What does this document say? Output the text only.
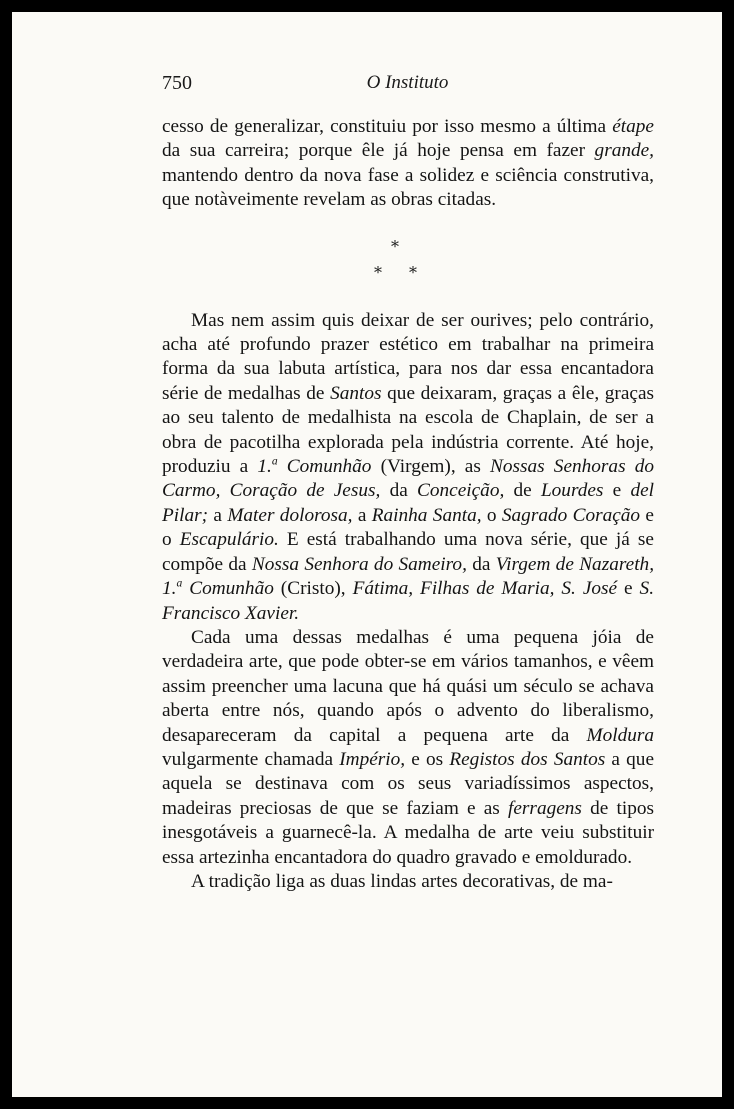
750	O Instituto

cesso de generalizar, constituiu por isso mesmo a última étape da sua carreira; porque êle já hoje pensa em fazer grande, mantendo dentro da nova fase a solidez e sciência construtiva, que notàveimente revelam as obras citadas.

*
* *

Mas nem assim quis deixar de ser ourives; pelo contrário, acha até profundo prazer estético em trabalhar na primeira forma da sua labuta artística, para nos dar essa encantadora série de medalhas de Santos que deixaram, graças a êle, graças ao seu talento de medalhista na escola de Chaplain, de ser a obra de pacotilha explorada pela indústria corrente. Até hoje, produziu a 1.$^a$ Comunhão (Virgem), as Nossas Senhoras do Carmo, Coração de Jesus, da Conceição, de Lourdes e del Pilar; a Mater dolorosa, a Rainha Santa, o Sagrado Coração e o Escapulário. E está trabalhando uma nova série, que já se compõe da Nossa Senhora do Sameiro, da Virgem de Nazareth, 1.$^a$ Comunhão (Cristo), Fátima, Filhas de Maria, S. José e S. Francisco Xavier.

Cada uma dessas medalhas é uma pequena jóia de verdadeira arte, que pode obter-se em vários tamanhos, e vêem assim preencher uma lacuna que há quási um século se achava aberta entre nós, quando após o advento do liberalismo, desapareceram da capital a pequena arte da Moldura vulgarmente chamada Império, e os Registos dos Santos a que aquela se destinava com os seus variadíssimos aspectos, madeiras preciosas de que se faziam e as ferragens de tipos inesgotáveis a guarnecê-la. A medalha de arte veiu substituir essa artezinha encantadora do quadro gravado e emoldurado.

A tradição liga as duas lindas artes decorativas, de ma-
